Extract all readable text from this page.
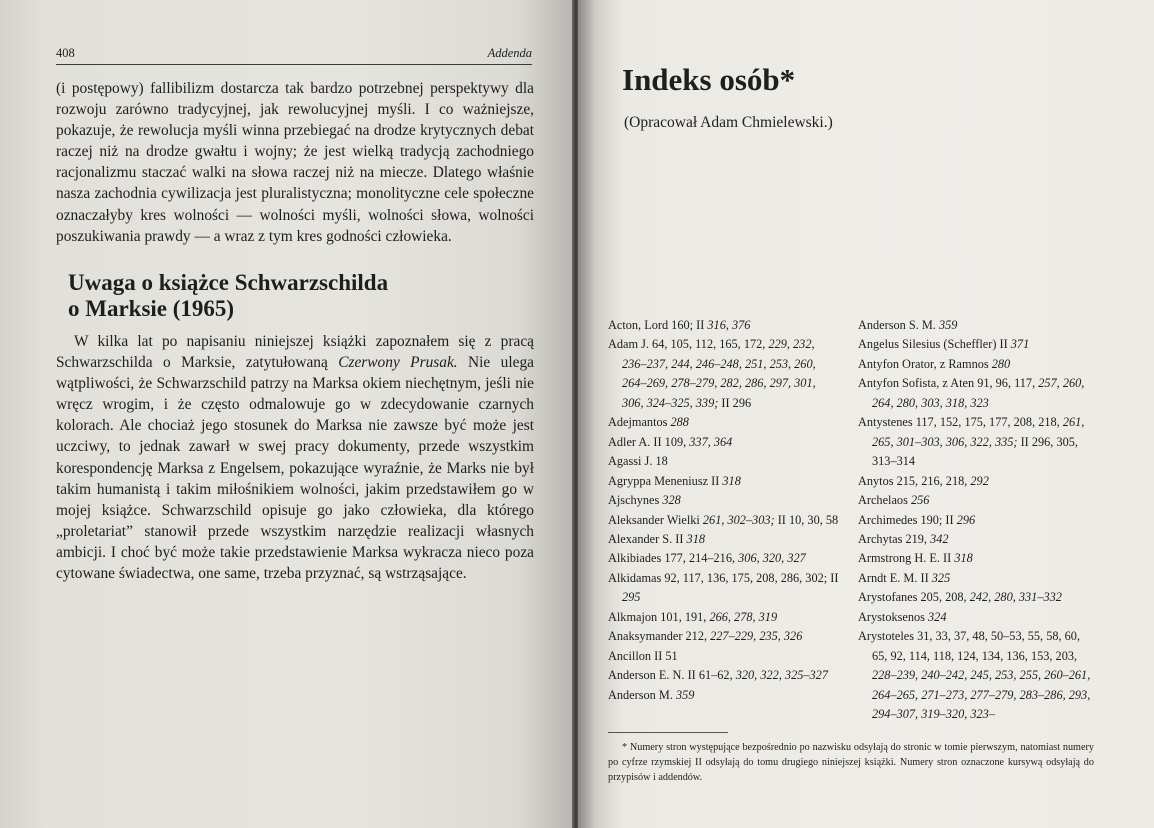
408	Addenda

(i postępowy) fallibilizm dostarcza tak bardzo potrzebnej perspektywy dla rozwoju zarówno tradycyjnej, jak rewolucyjnej myśli. I co ważniejsze, pokazuje, że rewolucja myśli winna przebiegać na drodze krytycznych debat raczej niż na drodze gwałtu i wojny; że jest wielką tradycją zachodniego racjonalizmu staczać walki na słowa raczej niż na miecze. Dlatego właśnie nasza zachodnia cywilizacja jest pluralistyczna; monolityczne cele społeczne oznaczałyby kres wolności — wolności myśli, wolności słowa, wolności poszukiwania prawdy — a wraz z tym kres godności człowieka.

Uwaga o książce Schwarzschilda
o Marksie (1965)

W kilka lat po napisaniu niniejszej książki zapoznałem się z pracą Schwarzschilda o Marksie, zatytułowaną Czerwony Prusak. Nie ulega wątpliwości, że Schwarzschild patrzy na Marksa okiem niechętnym, jeśli nie wręcz wrogim, i że często odmalowuje go w zdecydowanie czarnych kolorach. Ale chociaż jego stosunek do Marksa nie zawsze być może jest uczciwy, to jednak zawarł w swej pracy dokumenty, przede wszystkim korespondencję Marksa z Engelsem, pokazujące wyraźnie, że Marks nie był takim humanistą i takim miłośnikiem wolności, jakim przedstawiłem go w mojej książce. Schwarzschild opisuje go jako człowieka, dla którego „proletariat” stanowił przede wszystkim narzędzie realizacji własnych ambicji. I choć być może takie przedstawienie Marksa wykracza nieco poza cytowane świadectwa, one same, trzeba przyznać, są wstrząsające.

Indeks osób*
(Opracował Adam Chmielewski.)
Acton, Lord 160; II 316, 376
Adam J. 64, 105, 112, 165, 172, 229, 232, 236–237, 244, 246–248, 251, 253, 260, 264–269, 278–279, 282, 286, 297, 301, 306, 324–325, 339; II 296
Adejmantos 288
Adler A. II 109, 337, 364
Agassi J. 18
Agryppa Meneniusz II 318
Ajschynes 328
Aleksander Wielki 261, 302–303; II 10, 30, 58
Alexander S. II 318
Alkibiades 177, 214–216, 306, 320, 327
Alkidamas 92, 117, 136, 175, 208, 286, 302; II 295
Alkmajon 101, 191, 266, 278, 319
Anaksymander 212, 227–229, 235, 326
Ancillon II 51
Anderson E. N. II 61–62, 320, 322, 325–327
Anderson M. 359
Anderson S. M. 359
Angelus Silesius (Scheffler) II 371
Antyfon Orator, z Ramnos 280
Antyfon Sofista, z Aten 91, 96, 117, 257, 260, 264, 280, 303, 318, 323
Antystenes 117, 152, 175, 177, 208, 218, 261, 265, 301–303, 306, 322, 335; II 296, 305, 313–314
Anytos 215, 216, 218, 292
Archelaos 256
Archimedes 190; II 296
Archytas 219, 342
Armstrong H. E. II 318
Arndt E. M. II 325
Arystofanes 205, 208, 242, 280, 331–332
Arystoksenos 324
Arystoteles 31, 33, 37, 48, 50–53, 55, 58, 60, 65, 92, 114, 118, 124, 134, 136, 153, 203, 228–239, 240–242, 245, 253, 255, 260–261, 264–265, 271–273, 277–279, 283–286, 293, 294–307, 319–320, 323–
* Numery stron występujące bezpośrednio po nazwisku odsyłają do stronic w tomie pierwszym, natomiast numery po cyfrze rzymskiej II odsyłają do tomu drugiego niniejszej książki. Numery stron oznaczone kursywą odsyłają do przypisów i addendów.
